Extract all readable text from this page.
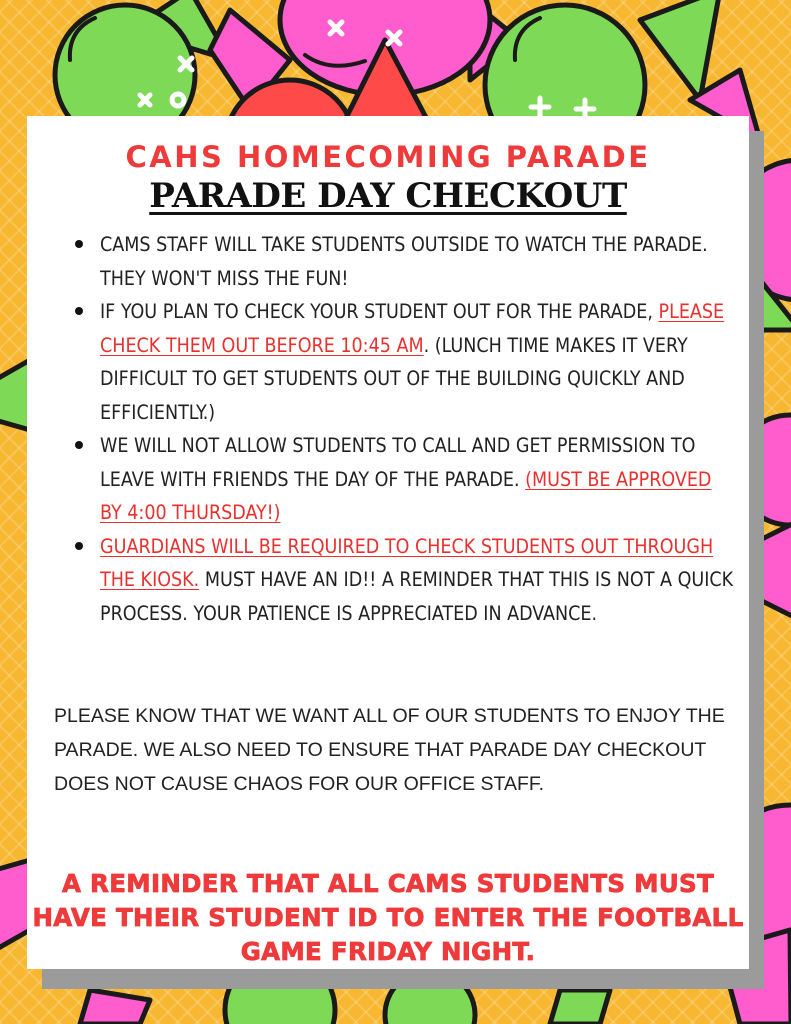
CAHS HOMECOMING PARADE
PARADE DAY CHECKOUT
CAMS STAFF WILL TAKE STUDENTS OUTSIDE TO WATCH THE PARADE. THEY WON'T MISS THE FUN!
IF YOU PLAN TO CHECK YOUR STUDENT OUT FOR THE PARADE, PLEASE CHECK THEM OUT BEFORE 10:45 AM. (LUNCH TIME MAKES IT VERY DIFFICULT TO GET STUDENTS OUT OF THE BUILDING QUICKLY AND EFFICIENTLY.)
WE WILL NOT ALLOW STUDENTS TO CALL AND GET PERMISSION TO LEAVE WITH FRIENDS THE DAY OF THE PARADE. (MUST BE APPROVED BY 4:00 THURSDAY!)
GUARDIANS WILL BE REQUIRED TO CHECK STUDENTS OUT THROUGH THE KIOSK. MUST HAVE AN ID!! A REMINDER THAT THIS IS NOT A QUICK PROCESS. YOUR PATIENCE IS APPRECIATED IN ADVANCE.

PLEASE KNOW THAT WE WANT ALL OF OUR STUDENTS TO ENJOY THE PARADE. WE ALSO NEED TO ENSURE THAT PARADE DAY CHECKOUT DOES NOT CAUSE CHAOS FOR OUR OFFICE STAFF.

A REMINDER THAT ALL CAMS STUDENTS MUST HAVE THEIR STUDENT ID TO ENTER THE FOOTBALL GAME FRIDAY NIGHT.
